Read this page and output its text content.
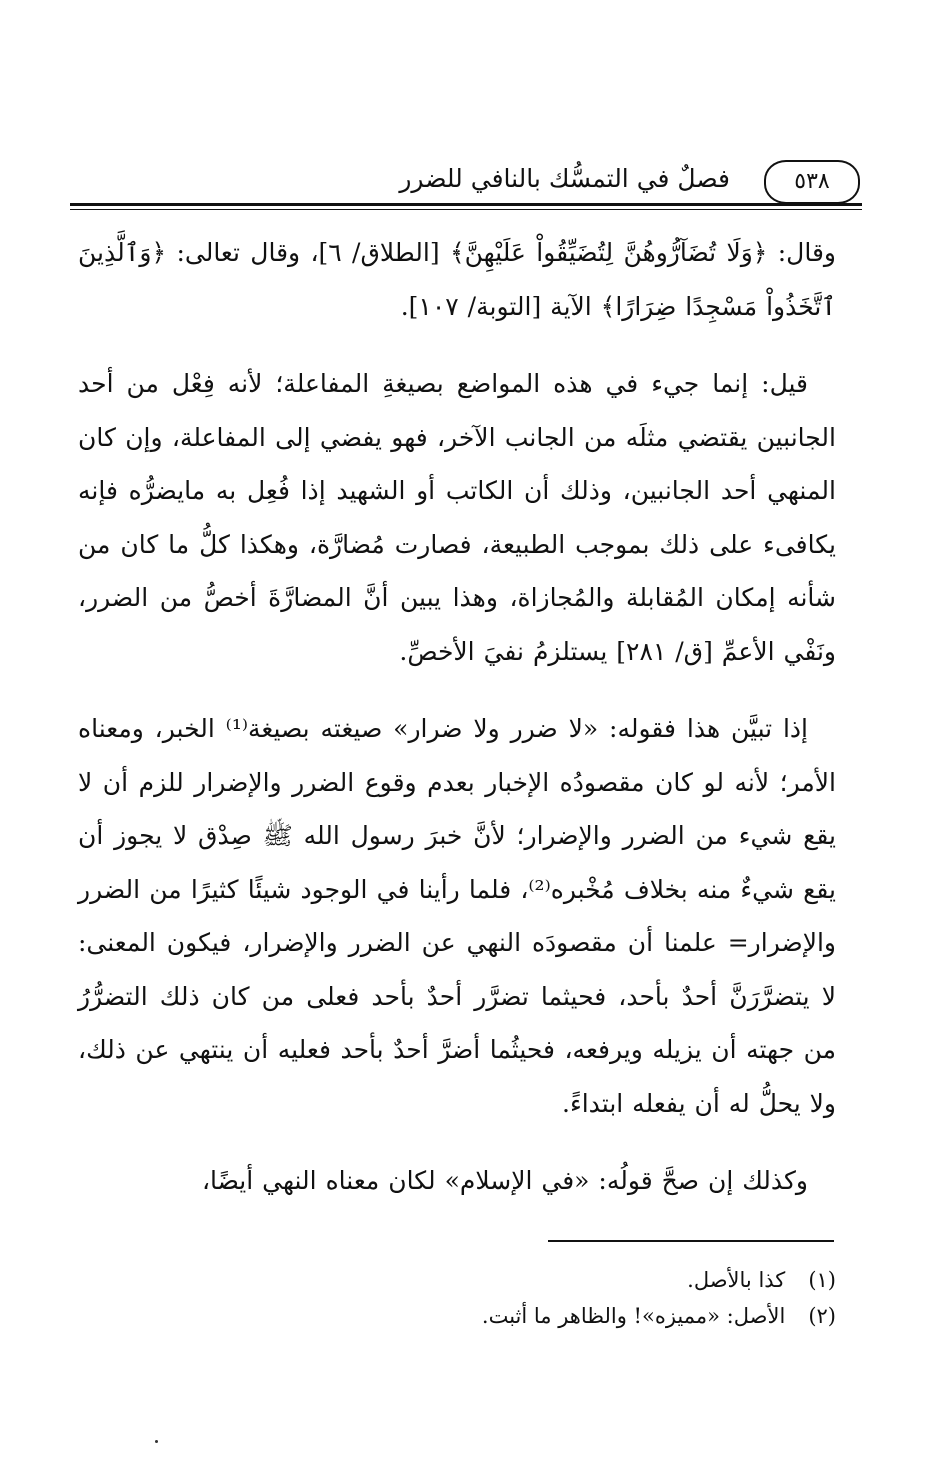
٥٣٨
فصلٌ في التمسُّك بالنافي للضرر

وقال: ﴿وَلَا تُضَآرُّوهُنَّ لِتُضَيِّقُواْ عَلَيْهِنَّ﴾ [الطلاق/ ٦]، وقال تعالى: ﴿وَٱلَّذِينَ ٱتَّخَذُواْ مَسْجِدًا ضِرَارًا﴾ الآية [التوبة/ ١٠٧].

قيل: إنما جيء في هذه المواضع بصيغةِ المفاعلة؛ لأنه فِعْل من أحد الجانبين يقتضي مثلَه من الجانب الآخر، فهو يفضي إلى المفاعلة، وإن كان المنهي أحد الجانبين، وذلك أن الكاتب أو الشهيد إذا فُعِل به مايضرُّه فإنه يكافىء على ذلك بموجب الطبيعة، فصارت مُضارَّة، وهكذا كلُّ ما كان من شأنه إمكان المُقابلة والمُجازاة، وهذا يبين أنَّ المضارَّةَ أخصُّ من الضرر، ونَفْي الأعمِّ [ق/ ٢٨١] يستلزمُ نفيَ الأخصِّ.

إذا تبيَّن هذا فقوله: «لا ضرر ولا ضرار» صيغته بصيغة⁽¹⁾ الخبر، ومعناه الأمر؛ لأنه لو كان مقصودُه الإخبار بعدم وقوع الضرر والإضرار للزم أن لا يقع شيء من الضرر والإضرار؛ لأنَّ خبرَ رسول الله ﷺ صِدْق لا يجوز أن يقع شيءٌ منه بخلاف مُخْبره⁽²⁾، فلما رأينا في الوجود شيئًا كثيرًا من الضرر والإضرار= علمنا أن مقصودَه النهي عن الضرر والإضرار، فيكون المعنى: لا يتضرَّرَنَّ أحدٌ بأحد، فحيثما تضرَّر أحدٌ بأحد فعلى من كان ذلك التضرُّرُ من جهته أن يزيله ويرفعه، فحيثُما أضرَّ أحدٌ بأحد فعليه أن ينتهي عن ذلك، ولا يحلُّ له أن يفعله ابتداءً.

وكذلك إن صحَّ قولُه: «في الإسلام» لكان معناه النهي أيضًا،

(١) كذا بالأصل.
(٢) الأصل: «مميزه»! والظاهر ما أثبت.
